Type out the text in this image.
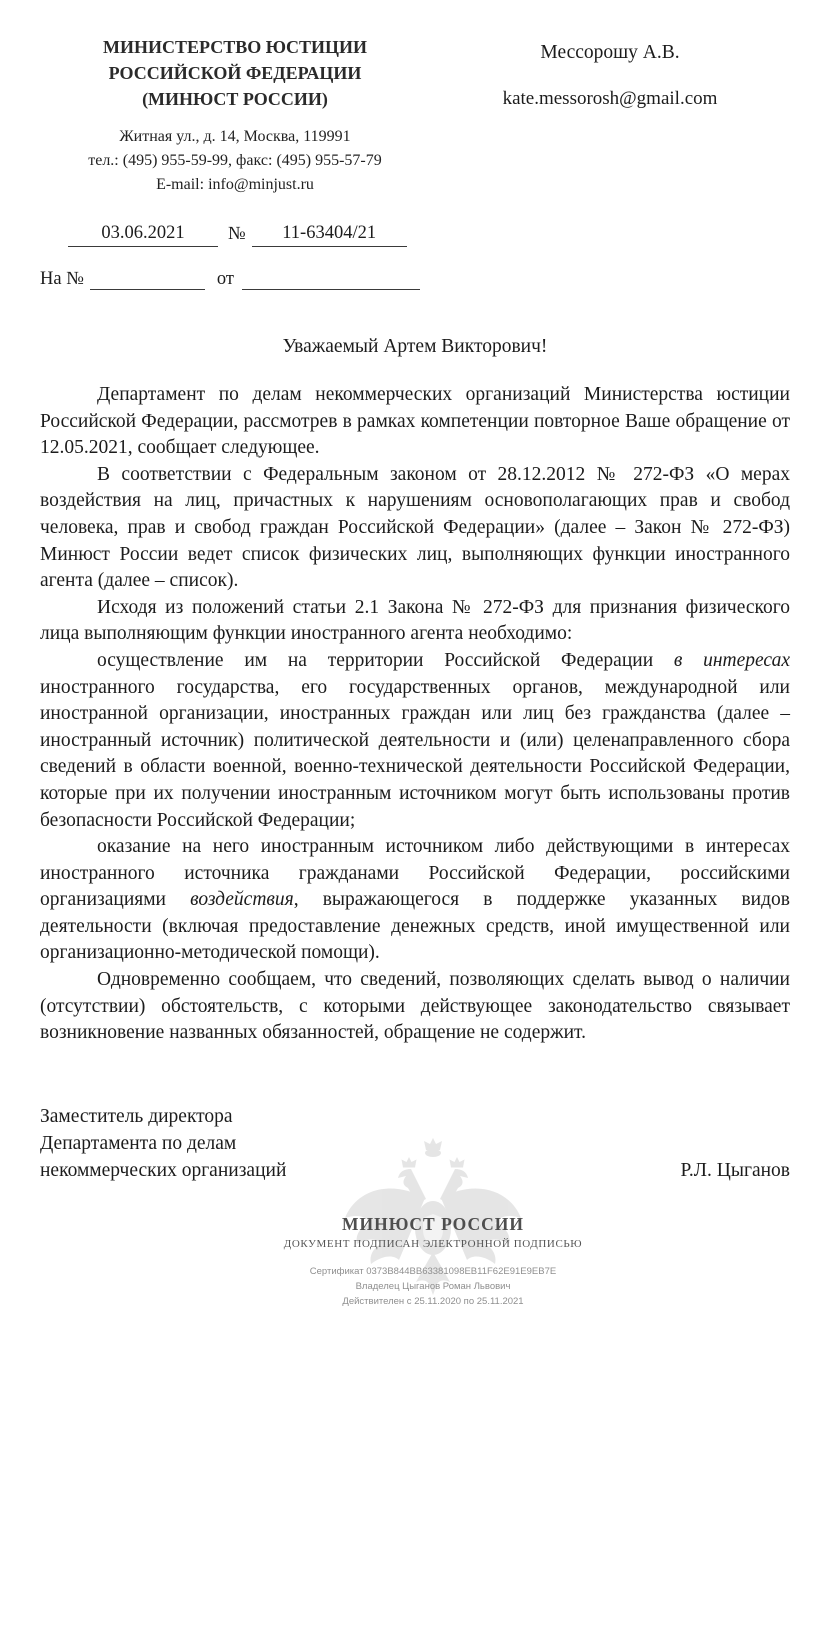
МИНИСТЕРСТВО ЮСТИЦИИ
РОССИЙСКОЙ ФЕДЕРАЦИИ
(МИНЮСТ РОССИИ)
Житная ул., д. 14, Москва, 119991
тел.: (495) 955-59-99, факс: (495) 955-57-79
E-mail: info@minjust.ru
Мессорошу А.В.
kate.messorosh@gmail.com
03.06.2021	№	11-63404/21
На №	от
Уважаемый Артем Викторович!

Департамент по делам некоммерческих организаций Министерства юстиции Российской Федерации, рассмотрев в рамках компетенции повторное Ваше обращение от 12.05.2021, сообщает следующее.

В соответствии с Федеральным законом от 28.12.2012 № 272-ФЗ «О мерах воздействия на лиц, причастных к нарушениям основополагающих прав и свобод человека, прав и свобод граждан Российской Федерации» (далее – Закон № 272-ФЗ) Минюст России ведет список физических лиц, выполняющих функции иностранного агента (далее – список).

Исходя из положений статьи 2.1 Закона № 272-ФЗ для признания физического лица выполняющим функции иностранного агента необходимо:

осуществление им на территории Российской Федерации в интересах иностранного государства, его государственных органов, международной или иностранной организации, иностранных граждан или лиц без гражданства (далее – иностранный источник) политической деятельности и (или) целенаправленного сбора сведений в области военной, военно-технической деятельности Российской Федерации, которые при их получении иностранным источником могут быть использованы против безопасности Российской Федерации;

оказание на него иностранным источником либо действующими в интересах иностранного источника гражданами Российской Федерации, российскими организациями воздействия, выражающегося в поддержке указанных видов деятельности (включая предоставление денежных средств, иной имущественной или организационно-методической помощи).

Одновременно сообщаем, что сведений, позволяющих сделать вывод о наличии (отсутствии) обстоятельств, с которыми действующее законодательство связывает возникновение названных обязанностей, обращение не содержит.

Заместитель директора
Департамента по делам
некоммерческих организаций	Р.Л. Цыганов
МИНЮСТ РОССИИ
ДОКУМЕНТ ПОДПИСАН ЭЛЕКТРОННОЙ ПОДПИСЬЮ
Сертификат 0373B844BB63381098EB11F62E91E9EB7E
Владелец Цыганов Роман Львович
Действителен с 25.11.2020 по 25.11.2021
